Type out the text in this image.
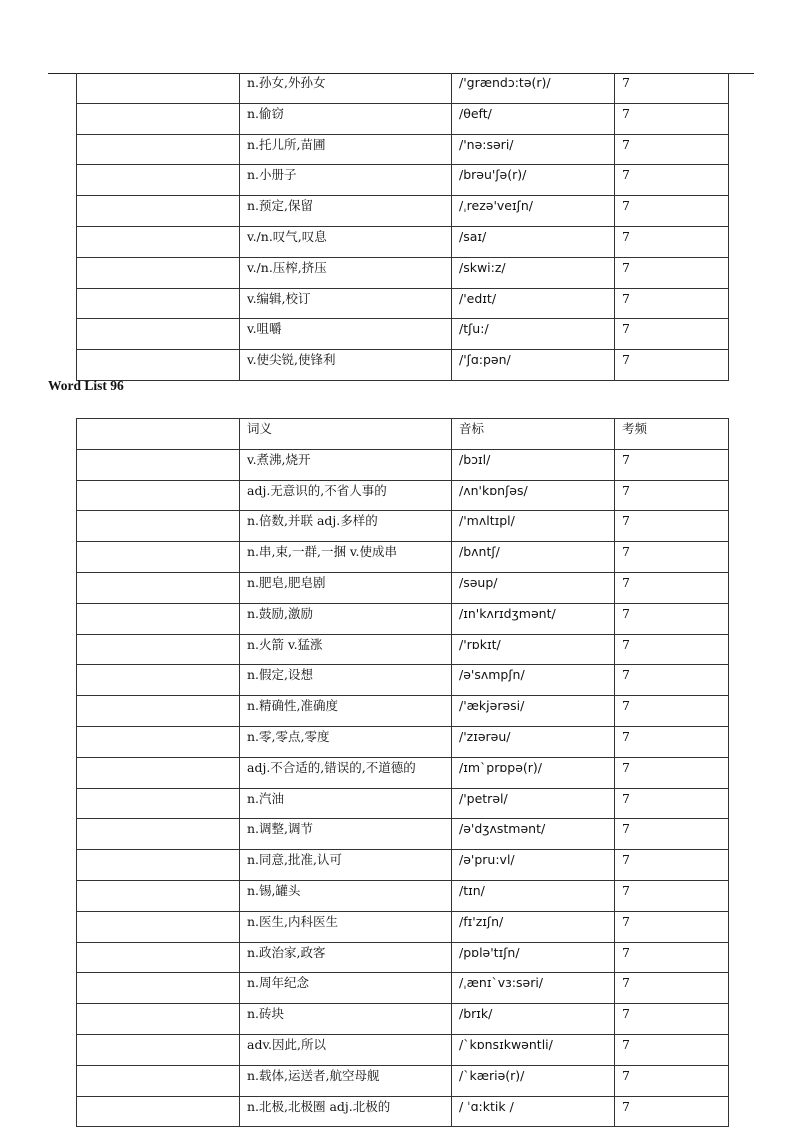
	n.孙女,外孙女	/'grændɔ:tə(r)/	7
	n.偷窃	/θeft/	7
	n.托儿所,苗圃	/'nə:səri/	7
	n.小册子	/brəu'ʃə(r)/	7
	n.预定,保留	/ˌrezə'veɪʃn/	7
	v./n.叹气,叹息	/saɪ/	7
	v./n.压榨,挤压	/skwi:z/	7
	v.编辑,校订	/'edɪt/	7
	v.咀嚼	/tʃu:/	7
	v.使尖锐,使锋利	/'ʃɑ:pən/	7
Word List 96
	词义	音标	考频
	v.煮沸,烧开	/bɔɪl/	7
	adj.无意识的,不省人事的	/ʌn'kɒnʃəs/	7
	n.倍数,并联 adj.多样的	/'mʌltɪpl/	7
	n.串,束,一群,一捆 v.使成串	/bʌntʃ/	7
	n.肥皂,肥皂剧	/səup/	7
	n.鼓励,激励	/ɪn'kʌrɪdʒmənt/	7
	n.火箭 v.猛涨	/'rɒkɪt/	7
	n.假定,设想	/ə'sʌmpʃn/	7
	n.精确性,准确度	/'ækjərəsi/	7
	n.零,零点,零度	/'zɪərəu/	7
	adj.不合适的,错误的,不道德的	/ɪmˋprɒpə(r)/	7
	n.汽油	/'petrəl/	7
	n.调整,调节	/ə'dʒʌstmənt/	7
	n.同意,批准,认可	/ə'pru:vl/	7
	n.锡,罐头	/tɪn/	7
	n.医生,内科医生	/fɪ'zɪʃn/	7
	n.政治家,政客	/pɒlə'tɪʃn/	7
	n.周年纪念	/ˌænɪˋvɜ:səri/	7
	n.砖块	/brɪk/	7
	adv.因此,所以	/ˋkɒnsɪkwəntli/	7
	n.载体,运送者,航空母舰	/ˋkæriə(r)/	7
	n.北极,北极圈 adj.北极的	/ ˈɑ:ktik /	7
